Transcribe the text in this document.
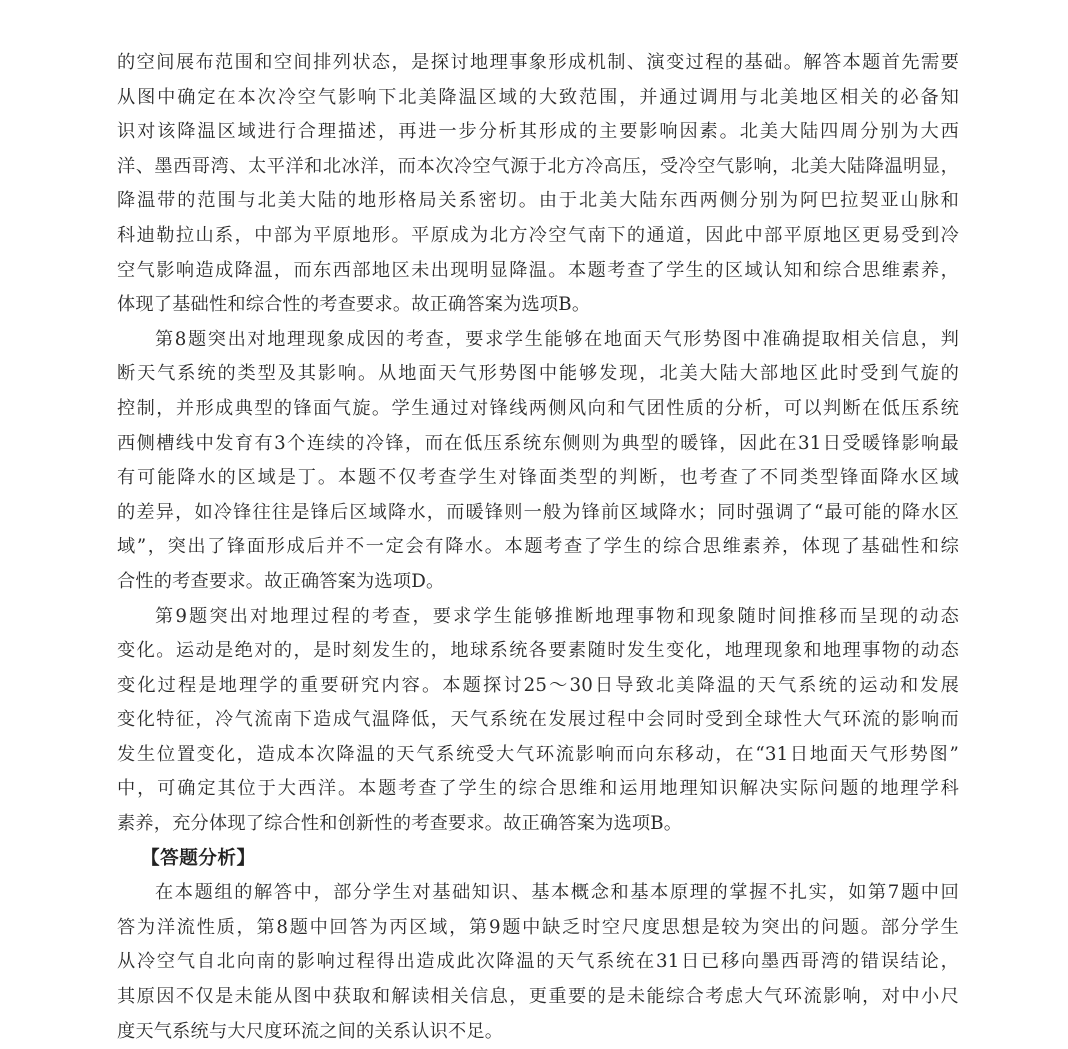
的空间展布范围和空间排列状态，是探讨地理事象形成机制、演变过程的基础。解答本题首先需要
从图中确定在本次冷空气影响下北美降温区域的大致范围，并通过调用与北美地区相关的必备知
识对该降温区域进行合理描述，再进一步分析其形成的主要影响因素。北美大陆四周分别为大西
洋、墨西哥湾、太平洋和北冰洋，而本次冷空气源于北方冷高压，受冷空气影响，北美大陆降温明显，
降温带的范围与北美大陆的地形格局关系密切。由于北美大陆东西两侧分别为阿巴拉契亚山脉和
科迪勒拉山系，中部为平原地形。平原成为北方冷空气南下的通道，因此中部平原地区更易受到冷
空气影响造成降温，而东西部地区未出现明显降温。本题考查了学生的区域认知和综合思维素养，
体现了基础性和综合性的考查要求。故正确答案为选项B。
第8题突出对地理现象成因的考查，要求学生能够在地面天气形势图中准确提取相关信息，判
断天气系统的类型及其影响。从地面天气形势图中能够发现，北美大陆大部地区此时受到气旋的
控制，并形成典型的锋面气旋。学生通过对锋线两侧风向和气团性质的分析，可以判断在低压系统
西侧槽线中发育有3个连续的冷锋，而在低压系统东侧则为典型的暖锋，因此在31日受暖锋影响最
有可能降水的区域是丁。本题不仅考查学生对锋面类型的判断，也考查了不同类型锋面降水区域
的差异，如冷锋往往是锋后区域降水，而暖锋则一般为锋前区域降水；同时强调了“最可能的降水区
域”，突出了锋面形成后并不一定会有降水。本题考查了学生的综合思维素养，体现了基础性和综
合性的考查要求。故正确答案为选项D。
第9题突出对地理过程的考查，要求学生能够推断地理事物和现象随时间推移而呈现的动态
变化。运动是绝对的，是时刻发生的，地球系统各要素随时发生变化，地理现象和地理事物的动态
变化过程是地理学的重要研究内容。本题探讨25～30日导致北美降温的天气系统的运动和发展
变化特征，冷气流南下造成气温降低，天气系统在发展过程中会同时受到全球性大气环流的影响而
发生位置变化，造成本次降温的天气系统受大气环流影响而向东移动，在“31日地面天气形势图”
中，可确定其位于大西洋。本题考查了学生的综合思维和运用地理知识解决实际问题的地理学科
素养，充分体现了综合性和创新性的考查要求。故正确答案为选项B。
【答题分析】
在本题组的解答中，部分学生对基础知识、基本概念和基本原理的掌握不扎实，如第7题中回
答为洋流性质，第8题中回答为丙区域，第9题中缺乏时空尺度思想是较为突出的问题。部分学生
从冷空气自北向南的影响过程得出造成此次降温的天气系统在31日已移向墨西哥湾的错误结论，
其原因不仅是未能从图中获取和解读相关信息，更重要的是未能综合考虑大气环流影响，对中小尺
度天气系统与大尺度环流之间的关系认识不足。
